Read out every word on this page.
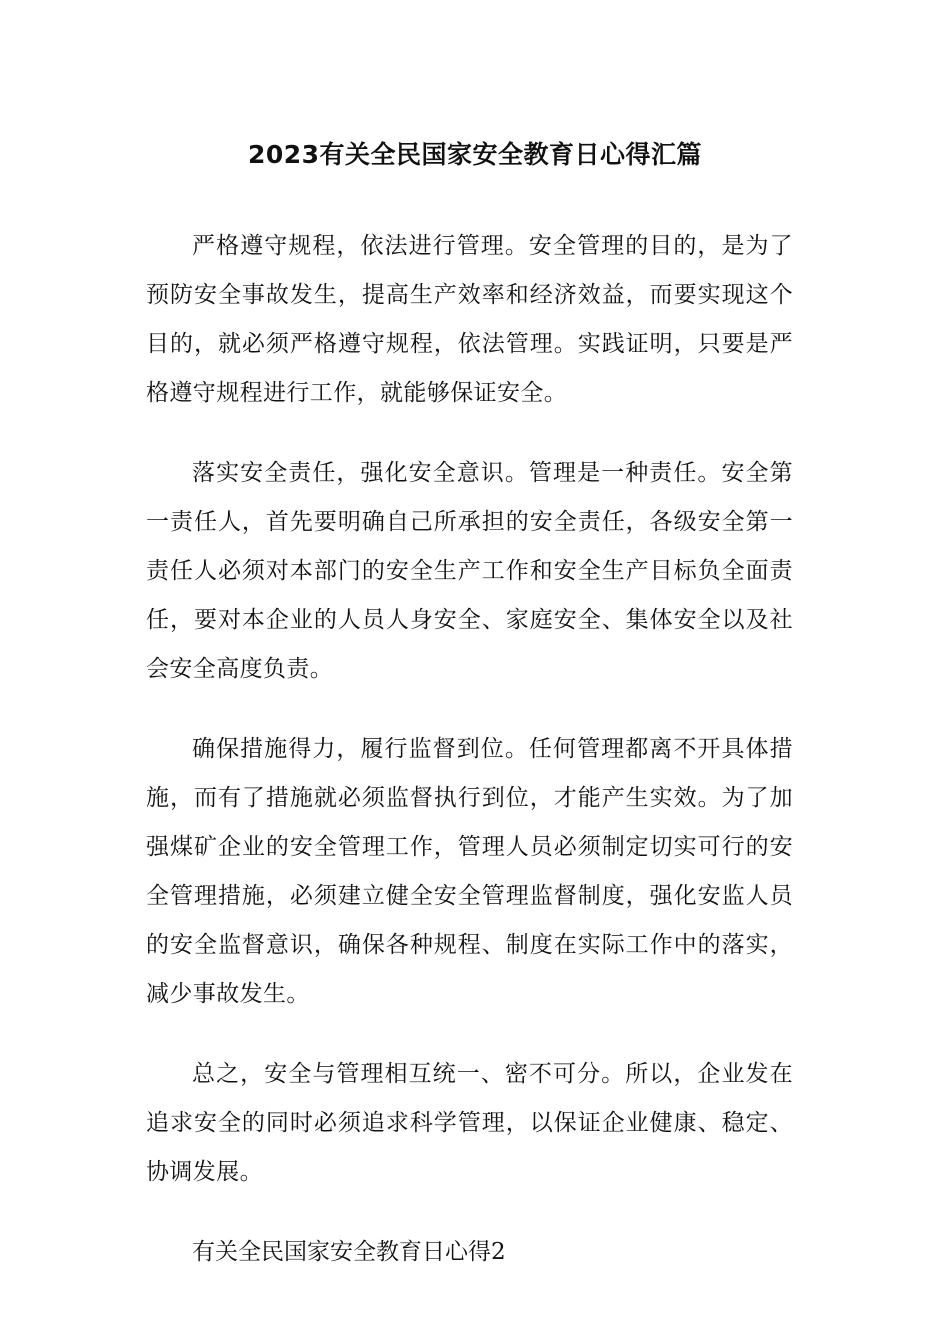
2023有关全民国家安全教育日心得汇篇

严格遵守规程，依法进行管理。安全管理的目的，是为了预防安全事故发生，提高生产效率和经济效益，而要实现这个目的，就必须严格遵守规程，依法管理。实践证明，只要是严格遵守规程进行工作，就能够保证安全。

落实安全责任，强化安全意识。管理是一种责任。安全第一责任人，首先要明确自己所承担的安全责任，各级安全第一责任人必须对本部门的安全生产工作和安全生产目标负全面责任，要对本企业的人员人身安全、家庭安全、集体安全以及社会安全高度负责。

确保措施得力，履行监督到位。任何管理都离不开具体措施，而有了措施就必须监督执行到位，才能产生实效。为了加强煤矿企业的安全管理工作，管理人员必须制定切实可行的安全管理措施，必须建立健全安全管理监督制度，强化安监人员的安全监督意识，确保各种规程、制度在实际工作中的落实，减少事故发生。

总之，安全与管理相互统一、密不可分。所以，企业发在追求安全的同时必须追求科学管理，以保证企业健康、稳定、协调发展。

有关全民国家安全教育日心得2
